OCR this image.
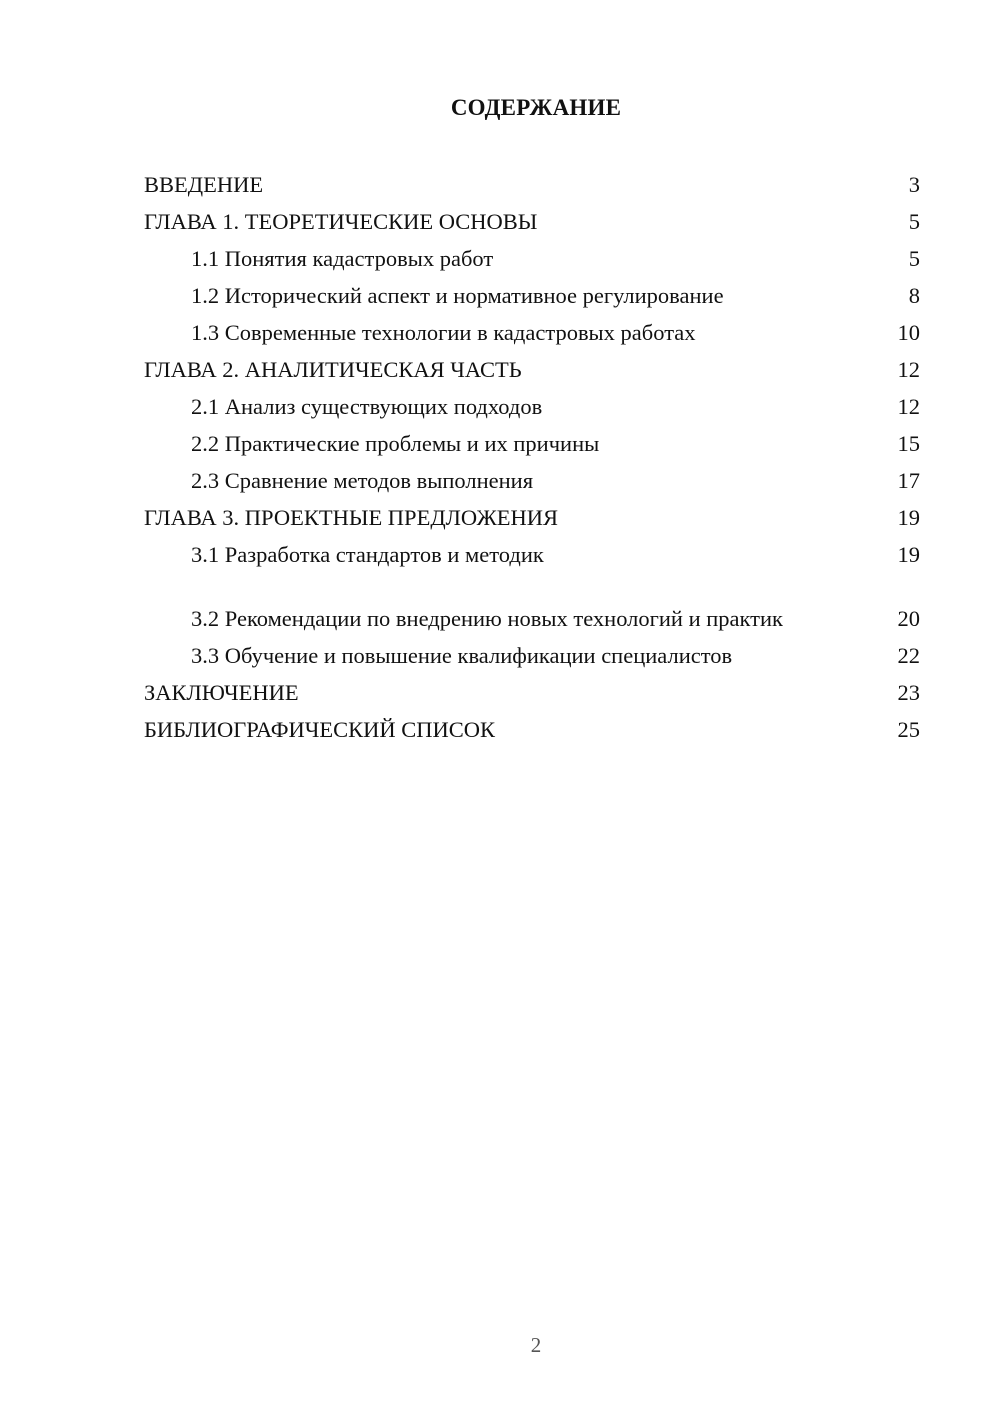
СОДЕРЖАНИЕ
ВВЕДЕНИЕ	3
ГЛАВА 1. ТЕОРЕТИЧЕСКИЕ ОСНОВЫ	5
1.1 Понятия кадастровых работ	5
1.2 Исторический аспект и нормативное регулирование	8
1.3 Современные технологии в кадастровых работах	10
ГЛАВА 2. АНАЛИТИЧЕСКАЯ ЧАСТЬ	12
2.1 Анализ существующих подходов	12
2.2 Практические проблемы и их причины	15
2.3 Сравнение методов выполнения	17
ГЛАВА 3. ПРОЕКТНЫЕ ПРЕДЛОЖЕНИЯ	19
3.1 Разработка стандартов и методик	19
3.2 Рекомендации по внедрению новых технологий и практик	20
3.3 Обучение и повышение квалификации специалистов	22
ЗАКЛЮЧЕНИЕ	23
БИБЛИОГРАФИЧЕСКИЙ СПИСОК	25
2
